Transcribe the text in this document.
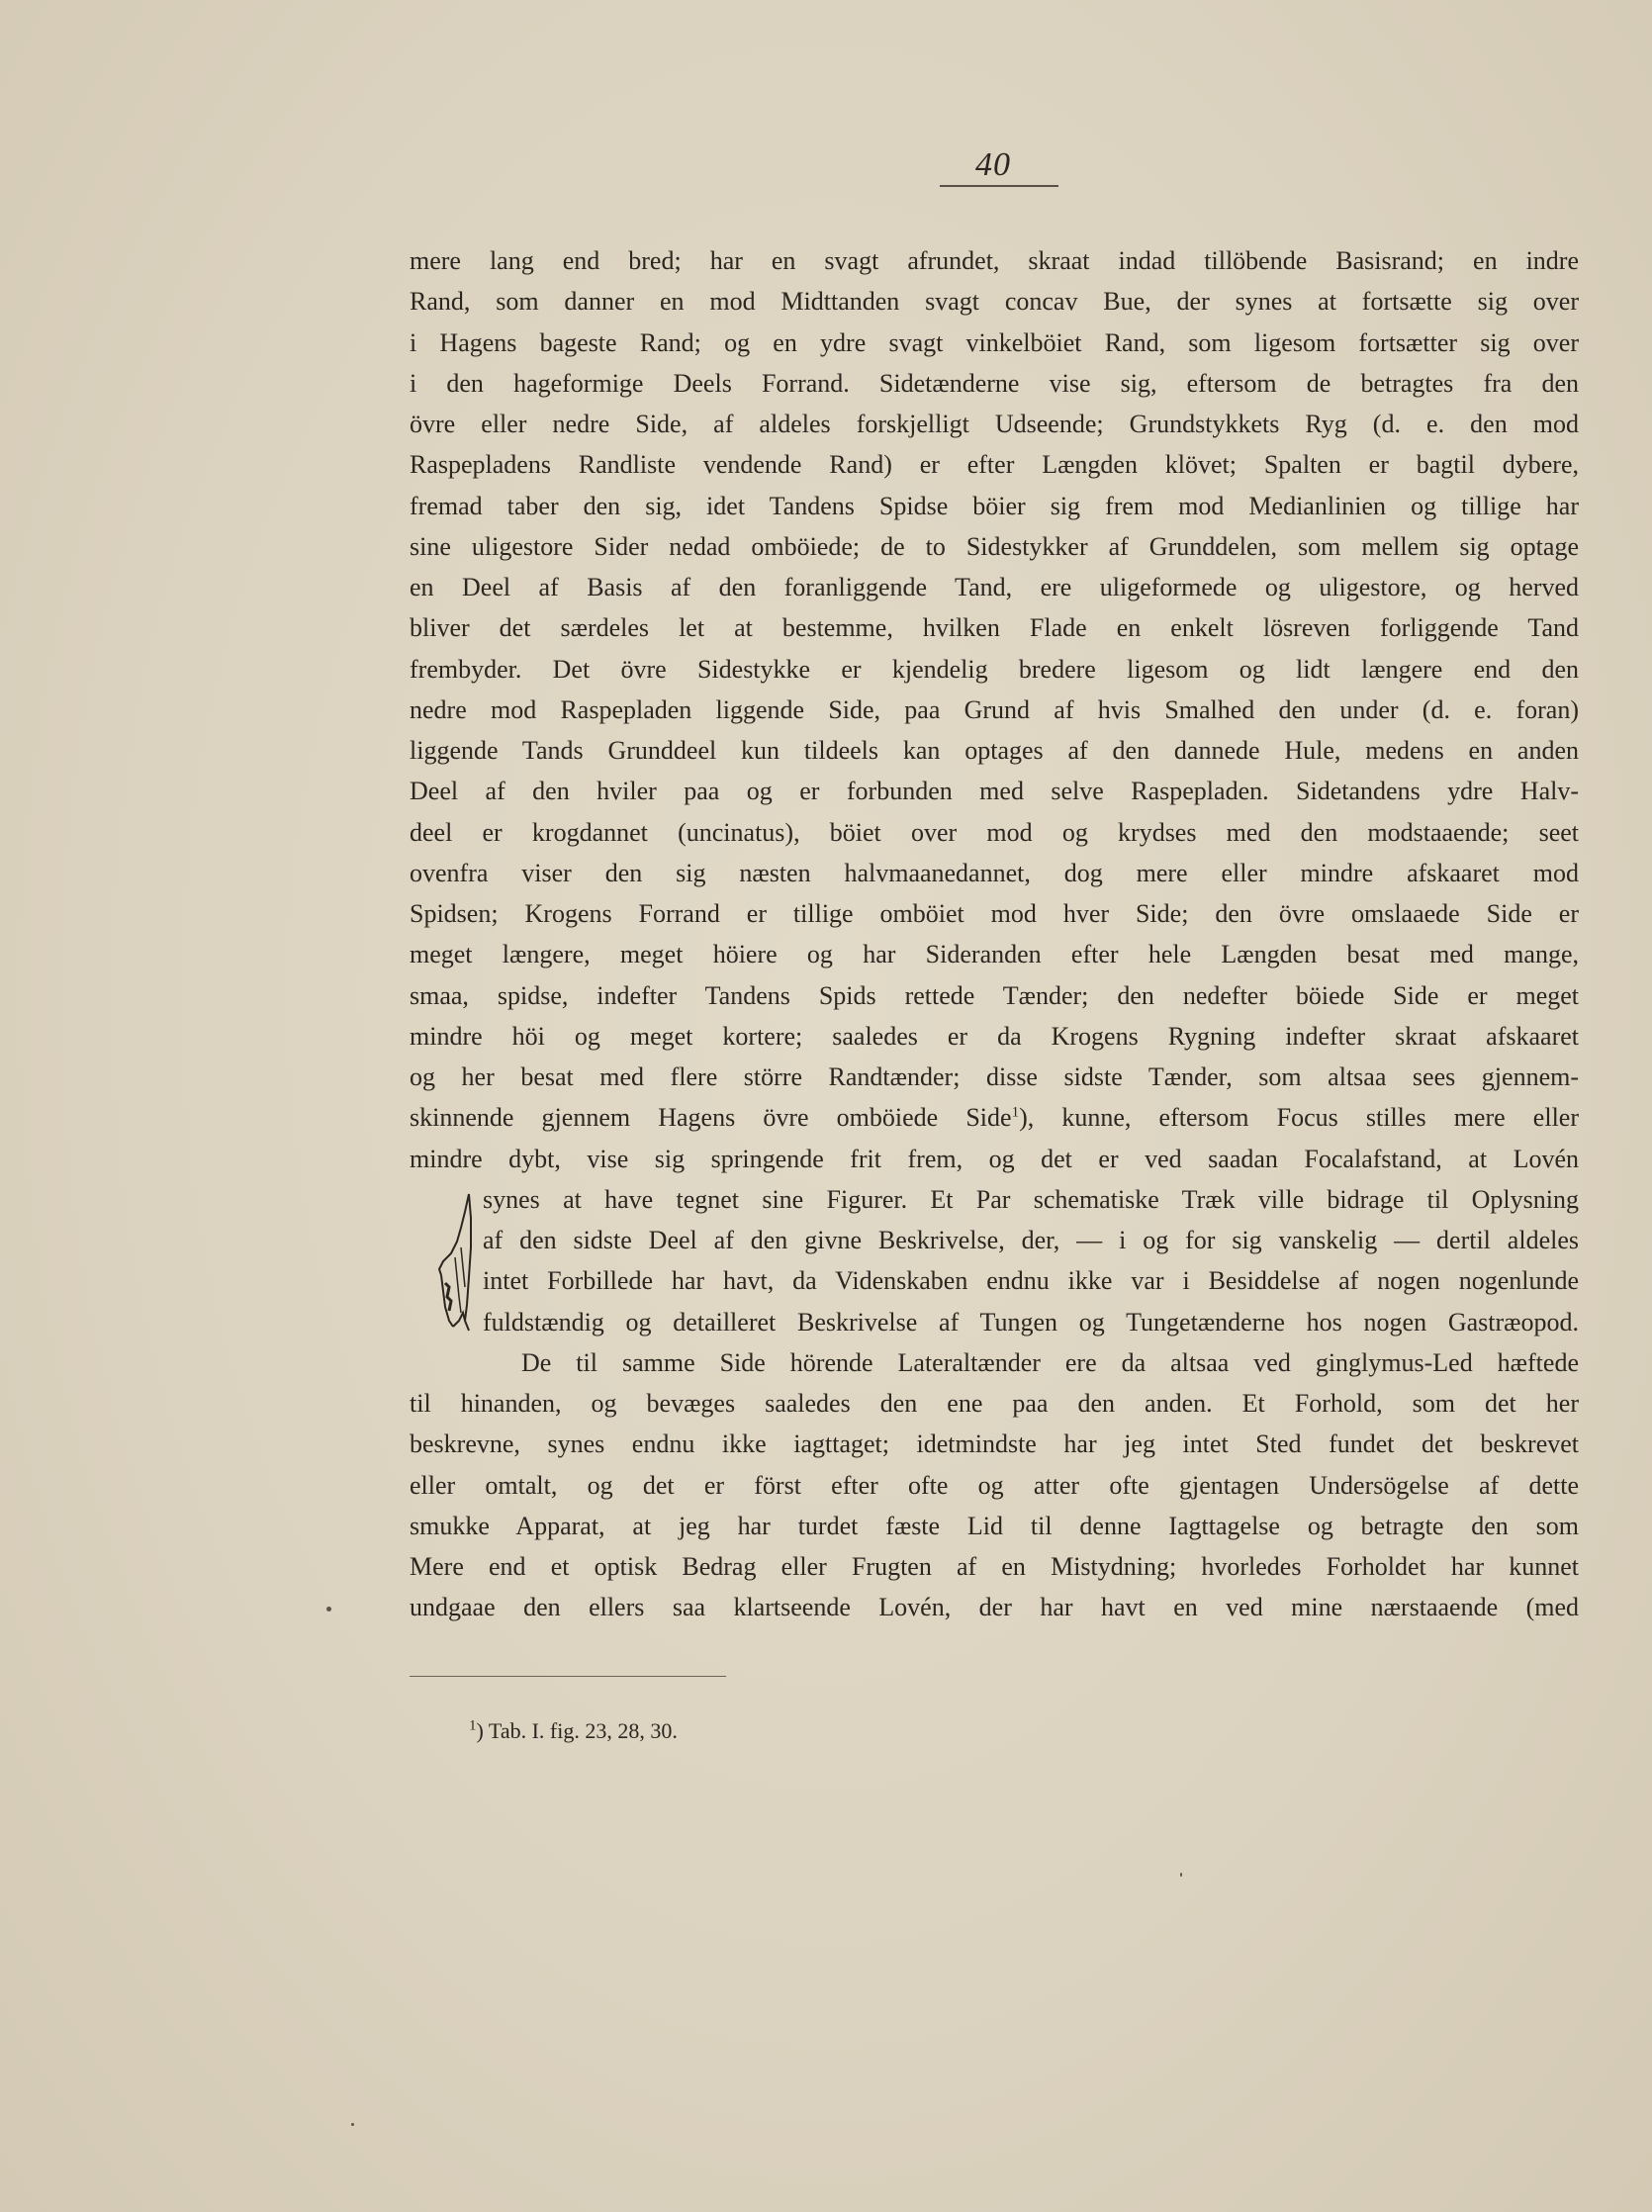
40
mere lang end bred; har en svagt afrundet, skraat indad tillöbende Basisrand; en indre
Rand, som danner en mod Midttanden svagt concav Bue, der synes at fortsætte sig over
i Hagens bageste Rand; og en ydre svagt vinkelböiet Rand, som ligesom fortsætter sig over
i den hageformige Deels Forrand. Sidetænderne vise sig, eftersom de betragtes fra den
övre eller nedre Side, af aldeles forskjelligt Udseende; Grundstykkets Ryg (d. e. den mod
Raspepladens Randliste vendende Rand) er efter Længden klövet; Spalten er bagtil dybere,
fremad taber den sig, idet Tandens Spidse böier sig frem mod Medianlinien og tillige har
sine uligestore Sider nedad omböiede; de to Sidestykker af Grunddelen, som mellem sig optage
en Deel af Basis af den foranliggende Tand, ere uligeformede og uligestore, og herved
bliver det særdeles let at bestemme, hvilken Flade en enkelt lösreven forliggende Tand
frembyder. Det övre Sidestykke er kjendelig bredere ligesom og lidt længere end den
nedre mod Raspepladen liggende Side, paa Grund af hvis Smalhed den under (d. e. foran)
liggende Tands Grunddeel kun tildeels kan optages af den dannede Hule, medens en anden
Deel af den hviler paa og er forbunden med selve Raspepladen. Sidetandens ydre Halv-
deel er krogdannet (uncinatus), böiet over mod og krydses med den modstaaende; seet
ovenfra viser den sig næsten halvmaanedannet, dog mere eller mindre afskaaret mod
Spidsen; Krogens Forrand er tillige omböiet mod hver Side; den övre omslaaede Side er
meget længere, meget höiere og har Sideranden efter hele Længden besat med mange,
smaa, spidse, indefter Tandens Spids rettede Tænder; den nedefter böiede Side er meget
mindre höi og meget kortere; saaledes er da Krogens Rygning indefter skraat afskaaret
og her besat med flere större Randtænder; disse sidste Tænder, som altsaa sees gjennem-
skinnende gjennem Hagens övre omböiede Side$^1$), kunne, eftersom Focus stilles mere eller
mindre dybt, vise sig springende frit frem, og det er ved saadan Focalafstand, at Lovén
synes at have tegnet sine Figurer. Et Par schematiske Træk ville bidrage til Oplysning
af den sidste Deel af den givne Beskrivelse, der, — i og for sig vanskelig — dertil aldeles
intet Forbillede har havt, da Videnskaben endnu ikke var i Besiddelse af nogen nogenlunde
fuldstændig og detailleret Beskrivelse af Tungen og Tungetænderne hos nogen Gastræopod.
De til samme Side hörende Lateraltænder ere da altsaa ved ginglymus-Led hæftede
til hinanden, og bevæges saaledes den ene paa den anden. Et Forhold, som det her
beskrevne, synes endnu ikke iagttaget; idetmindste har jeg intet Sted fundet det beskrevet
eller omtalt, og det er först efter ofte og atter ofte gjentagen Undersögelse af dette
smukke Apparat, at jeg har turdet fæste Lid til denne Iagttagelse og betragte den som
Mere end et optisk Bedrag eller Frugten af en Mistydning; hvorledes Forholdet har kunnet
undgaae den ellers saa klartseende Lovén, der har havt en ved mine nærstaaende (med
$^1$) Tab. I. fig. 23, 28, 30.
